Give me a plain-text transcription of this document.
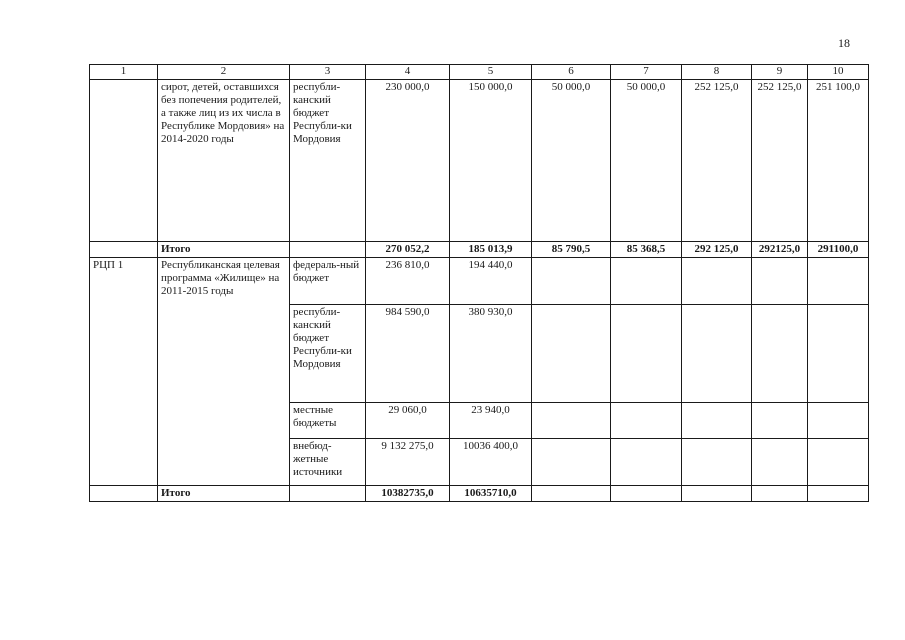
18
1	2	3	4	5	6	7	8	9	10
	сирот, детей, оставшихся без попечения родителей, а также лиц из их числа в Республике Мордовия» на 2014-2020 годы	республи-канский бюджет Республи-ки Мордовия	230 000,0	150 000,0	50 000,0	50 000,0	252 125,0	252 125,0	251 100,0
	Итого		270 052,2	185 013,9	85 790,5	85 368,5	292 125,0	292125,0	291100,0
РЦП 1	Республиканская целевая программа «Жилище» на 2011-2015 годы	федераль-ный бюджет	236 810,0	194 440,0					
		республи-канский бюджет Республи-ки Мордовия	984 590,0	380 930,0					
		местные бюджеты	29 060,0	23 940,0					
		внебюд-жетные источники	9 132 275,0	10036 400,0					
	Итого		10382735,0	10635710,0					
